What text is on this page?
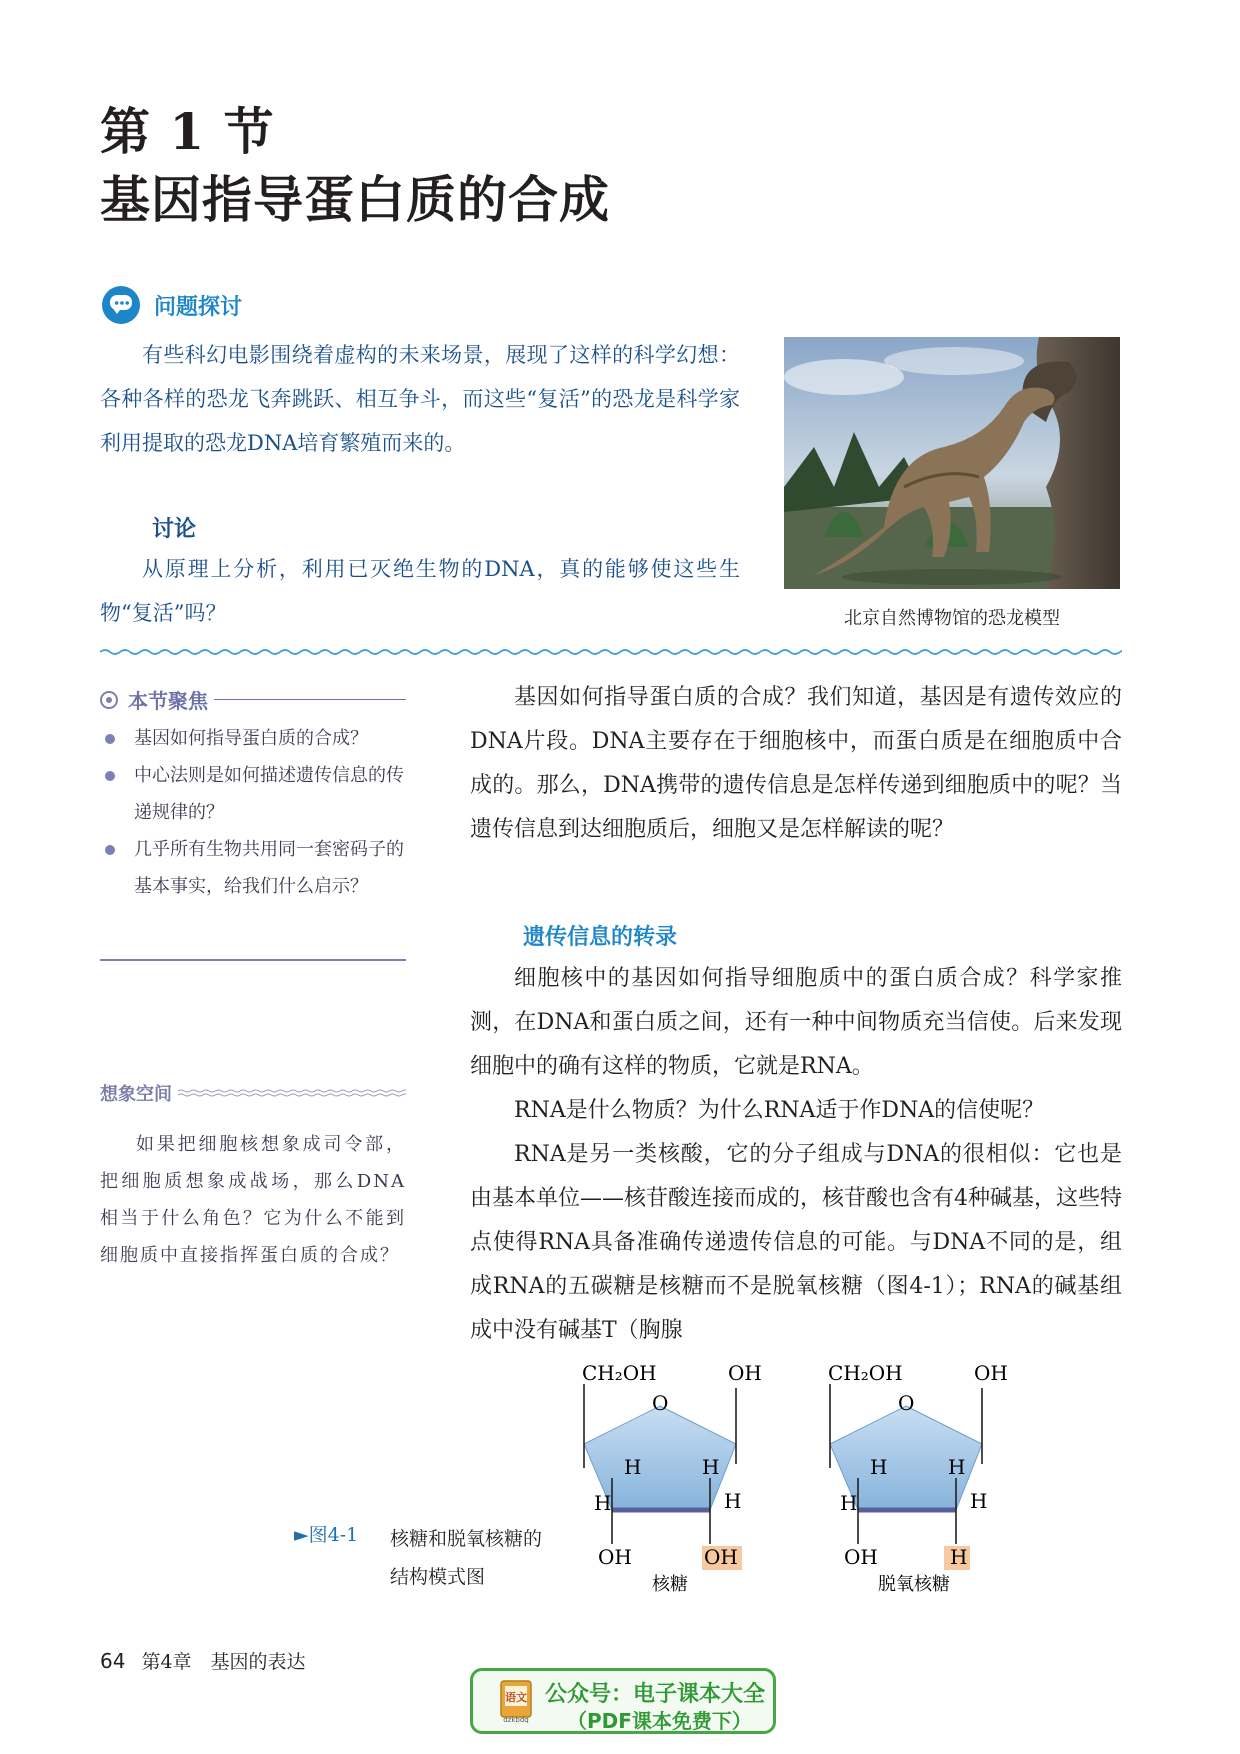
第 1 节
基因指导蛋白质的合成
问题探讨

有些科幻电影围绕着虚构的未来场景，展现了这样的科学幻想：各种各样的恐龙飞奔跳跃、相互争斗，而这些“复活”的恐龙是科学家利用提取的恐龙DNA培育繁殖而来的。

讨论

从原理上分析，利用已灭绝生物的DNA，真的能够使这些生物“复活”吗？	北京自然博物馆的恐龙模型
本节聚焦
基因如何指导蛋白质的合成？
中心法则是如何描述遗传信息的传递规律的？
几乎所有生物共用同一套密码子的基本事实，给我们什么启示？
想象空间

如果把细胞核想象成司令部，把细胞质想象成战场，那么DNA相当于什么角色？它为什么不能到细胞质中直接指挥蛋白质的合成？

基因如何指导蛋白质的合成？我们知道，基因是有遗传效应的DNA片段。DNA主要存在于细胞核中，而蛋白质是在细胞质中合成的。那么，DNA携带的遗传信息是怎样传递到细胞质中的呢？当遗传信息到达细胞质后，细胞又是怎样解读的呢？

遗传信息的转录

细胞核中的基因如何指导细胞质中的蛋白质合成？科学家推测，在DNA和蛋白质之间，还有一种中间物质充当信使。后来发现细胞中的确有这样的物质，它就是RNA。

RNA是什么物质？为什么RNA适于作DNA的信使呢？

RNA是另一类核酸，它的分子组成与DNA的很相似：它也是由基本单位——核苷酸连接而成的，核苷酸也含有4种碱基，这些特点使得RNA具备准确传递遗传信息的可能。与DNA不同的是，组成RNA的五碳糖是核糖而不是脱氧核糖（图4-1）；RNA的碱基组成中没有碱基T（胸腺

►图4-1 核糖和脱氧核糖的
结构模式图
CH₂OH	OH
O
H	H
H	H
OH	OH
核糖
CH₂OH	OH
O
H	H
H	H
OH	H
脱氧核糖
64 第4章　基因的表达
语文
dzkbdq
公众号：电子课本大全
（PDF课本免费下）
